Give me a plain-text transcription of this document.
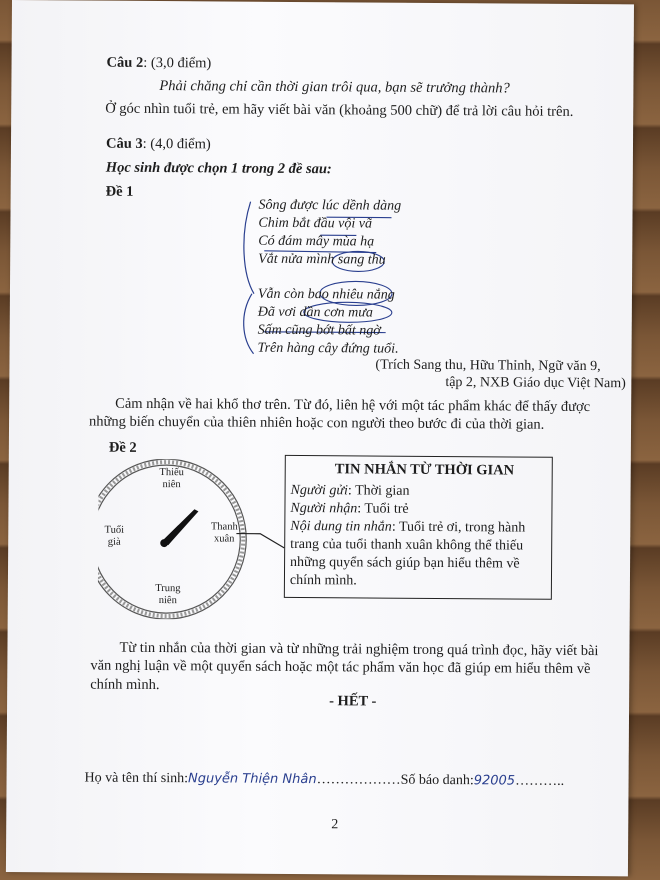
Câu 2: (3,0 điểm)
Phải chăng chỉ cần thời gian trôi qua, bạn sẽ trưởng thành?
Ở góc nhìn tuổi trẻ, em hãy viết bài văn (khoảng 500 chữ) để trả lời câu hỏi trên.
Câu 3: (4,0 điểm)
Học sinh được chọn 1 trong 2 đề sau:
Đề 1
Sông được lúc dềnh dàng
Chim bắt đầu vội vã
Có đám mây mùa hạ
Vắt nửa mình sang thu
Vẫn còn bao nhiêu nắng
Đã vơi dần cơn mưa
Sấm cũng bớt bất ngờ
Trên hàng cây đứng tuổi.
(Trích Sang thu, Hữu Thỉnh, Ngữ văn 9,
tập 2, NXB Giáo dục Việt Nam)
Cảm nhận về hai khổ thơ trên. Từ đó, liên hệ với một tác phẩm khác để thấy được
những biến chuyển của thiên nhiên hoặc con người theo bước đi của thời gian.
Đề 2
Thiếu
niên
Thanh
xuân
Trung
niên
Tuổi
già
TIN NHẮN TỪ THỜI GIAN
Người gửi: Thời gian
Người nhận: Tuổi trẻ
Nội dung tin nhắn: Tuổi trẻ ơi, trong hành
trang của tuổi thanh xuân không thể thiếu
những quyển sách giúp bạn hiểu thêm về
chính mình.
Từ tin nhắn của thời gian và từ những trải nghiệm trong quá trình đọc, hãy viết bài
văn nghị luận về một quyển sách hoặc một tác phẩm văn học đã giúp em hiểu thêm về
chính mình.
- HẾT -
Họ và tên thí sinh:Nguyễn Thiện Nhân………………Số báo danh:92005………..
2
